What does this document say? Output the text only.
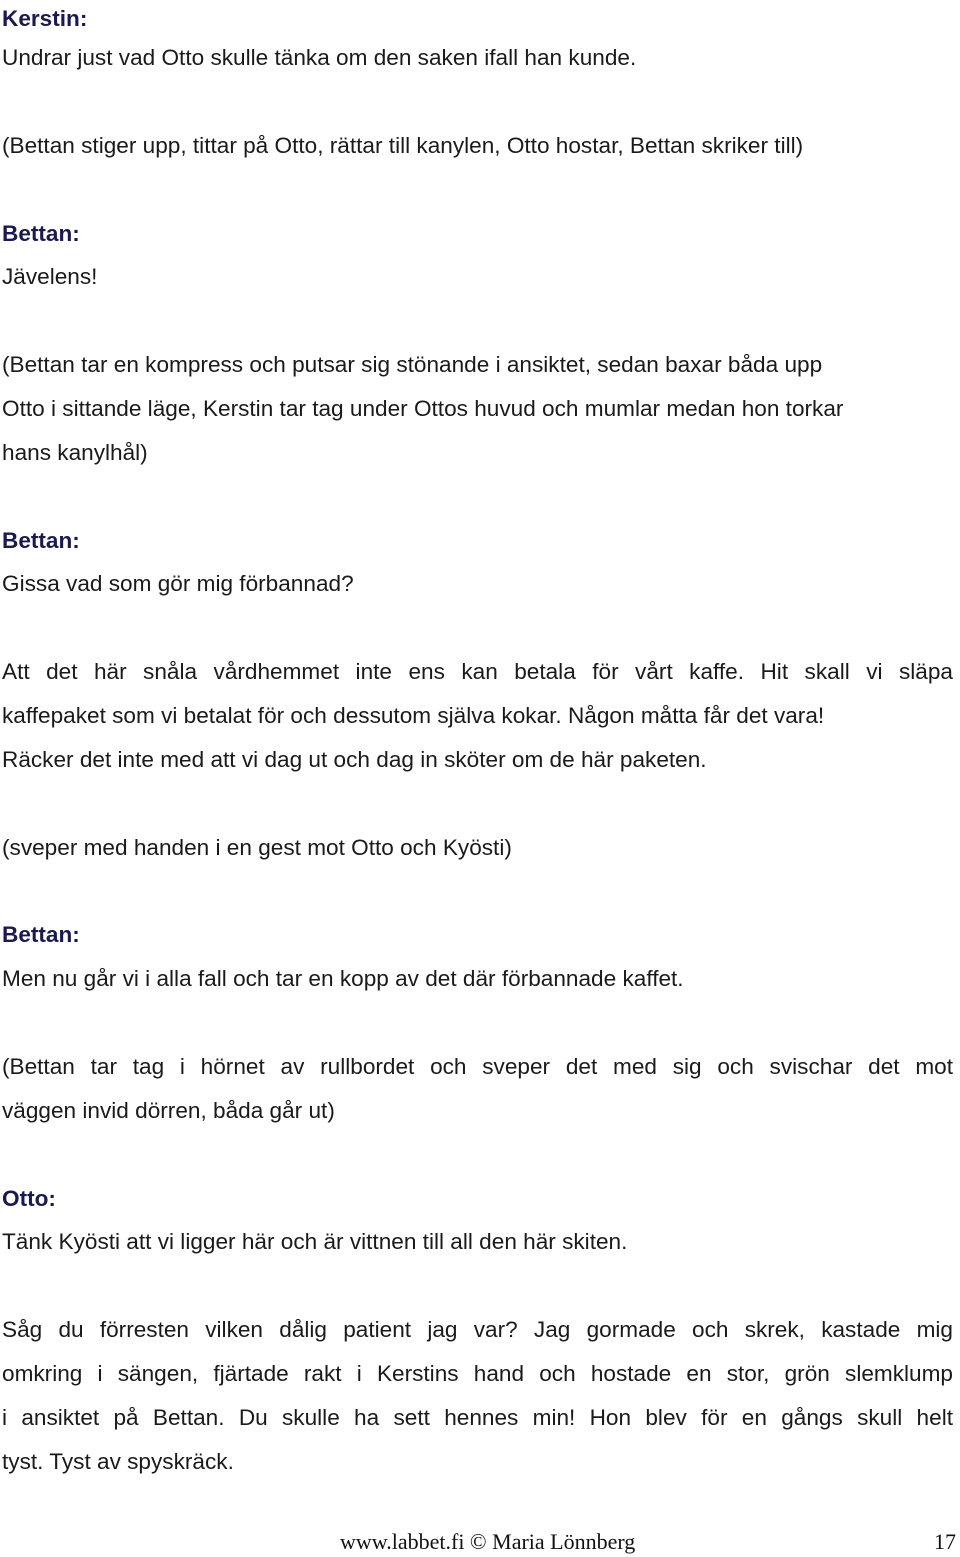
Kerstin:

Undrar just vad Otto skulle tänka om den saken ifall han kunde.

(Bettan stiger upp, tittar på Otto, rättar till kanylen, Otto hostar, Bettan skriker till)

Bettan:

Jävelens!

(Bettan tar en kompress och putsar sig stönande i ansiktet, sedan baxar båda upp

Otto i sittande läge, Kerstin tar tag under Ottos huvud och mumlar medan hon torkar

hans kanylhål)

Bettan:

Gissa vad som gör mig förbannad?

Att det här snåla vårdhemmet inte ens kan betala för vårt kaffe. Hit skall vi släpa

kaffepaket som vi betalat för och dessutom själva kokar. Någon måtta får det vara!

Räcker det inte med att vi dag ut och dag in sköter om de här paketen.

(sveper med handen i en gest mot Otto och Kyösti)

Bettan:

Men nu går vi i alla fall och tar en kopp av det där förbannade kaffet.

(Bettan tar tag i hörnet av rullbordet och sveper det med sig och svischar det mot

väggen invid dörren, båda går ut)

Otto:

Tänk Kyösti att vi ligger här och är vittnen till all den här skiten.

Såg du förresten vilken dålig patient jag var? Jag gormade och skrek, kastade mig

omkring i sängen, fjärtade rakt i Kerstins hand och hostade en stor, grön slemklump

i ansiktet på Bettan. Du skulle ha sett hennes min! Hon blev för en gångs skull helt

tyst. Tyst av spyskräck.

www.labbet.fi © Maria Lönnberg	17
